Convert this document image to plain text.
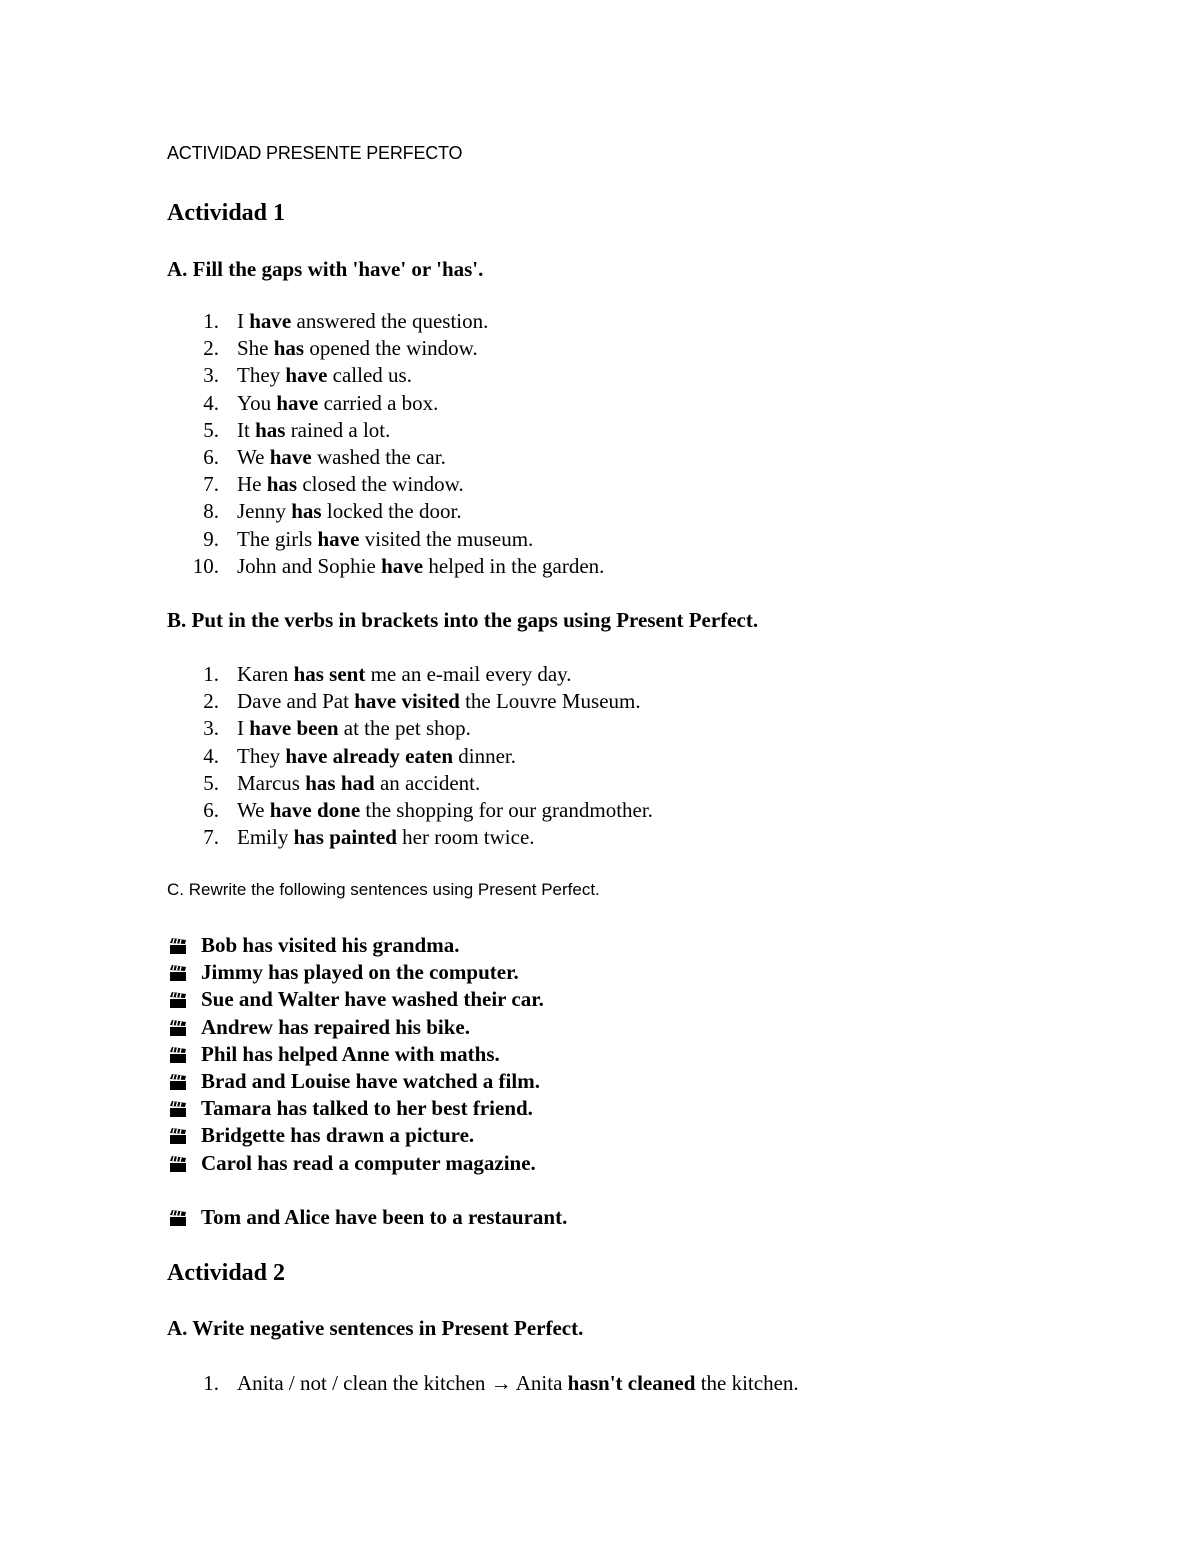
ACTIVIDAD PRESENTE PERFECTO
Actividad 1
A. Fill the gaps with 'have' or 'has'.
1. I have answered the question.
2. She has opened the window.
3. They have called us.
4. You have carried a box.
5. It has rained a lot.
6. We have washed the car.
7. He has closed the window.
8. Jenny has locked the door.
9. The girls have visited the museum.
10. John and Sophie have helped in the garden.
B. Put in the verbs in brackets into the gaps using Present Perfect.
1. Karen has sent me an e-mail every day.
2. Dave and Pat have visited the Louvre Museum.
3. I have been at the pet shop.
4. They have already eaten dinner.
5. Marcus has had an accident.
6. We have done the shopping for our grandmother.
7. Emily has painted her room twice.
C. Rewrite the following sentences using Present Perfect.
Bob has visited his grandma.
Jimmy has played on the computer.
Sue and Walter have washed their car.
Andrew has repaired his bike.
Phil has helped Anne with maths.
Brad and Louise have watched a film.
Tamara has talked to her best friend.
Bridgette has drawn a picture.
Carol has read a computer magazine.
Tom and Alice have been to a restaurant.
Actividad 2
A. Write negative sentences in Present Perfect.
1. Anita / not / clean the kitchen → Anita hasn't cleaned the kitchen.
